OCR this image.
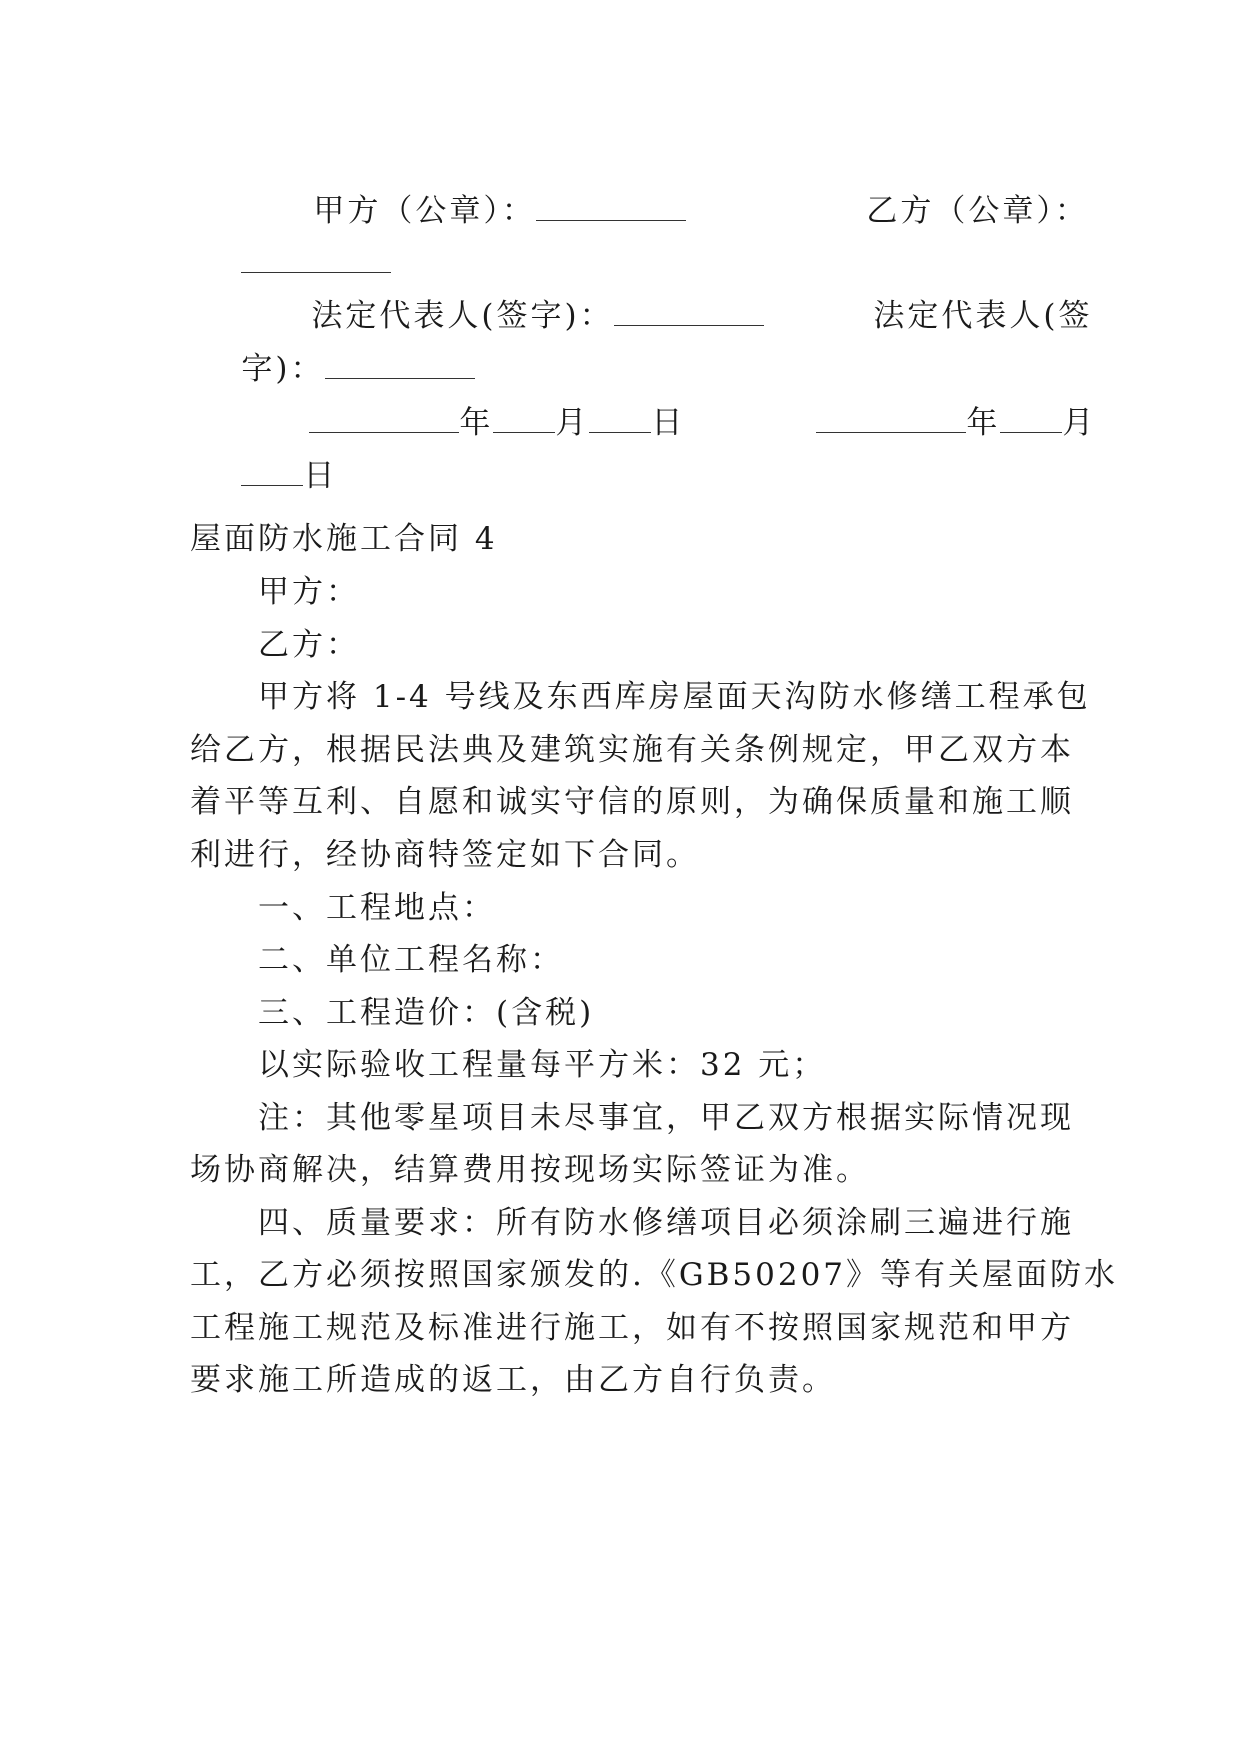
甲方（公章）：
	乙方（公章）：

法定代表人(签字)：
	法定代表人(签

字)：

年 月 日
	年 月

日

屋面防水施工合同 4
甲方：
乙方：
甲方将 1-4 号线及东西库房屋面天沟防水修缮工程承包
给乙方，根据民法典及建筑实施有关条例规定，甲乙双方本
着平等互利、自愿和诚实守信的原则，为确保质量和施工顺
利进行，经协商特签定如下合同。
一、工程地点：
二、单位工程名称：
三、工程造价：(含税)
以实际验收工程量每平方米：32 元；
注：其他零星项目未尽事宜，甲乙双方根据实际情况现
场协商解决，结算费用按现场实际签证为准。
四、质量要求：所有防水修缮项目必须涂刷三遍进行施
工，乙方必须按照国家颁发的.《GB50207》等有关屋面防水
工程施工规范及标准进行施工，如有不按照国家规范和甲方
要求施工所造成的返工，由乙方自行负责。
